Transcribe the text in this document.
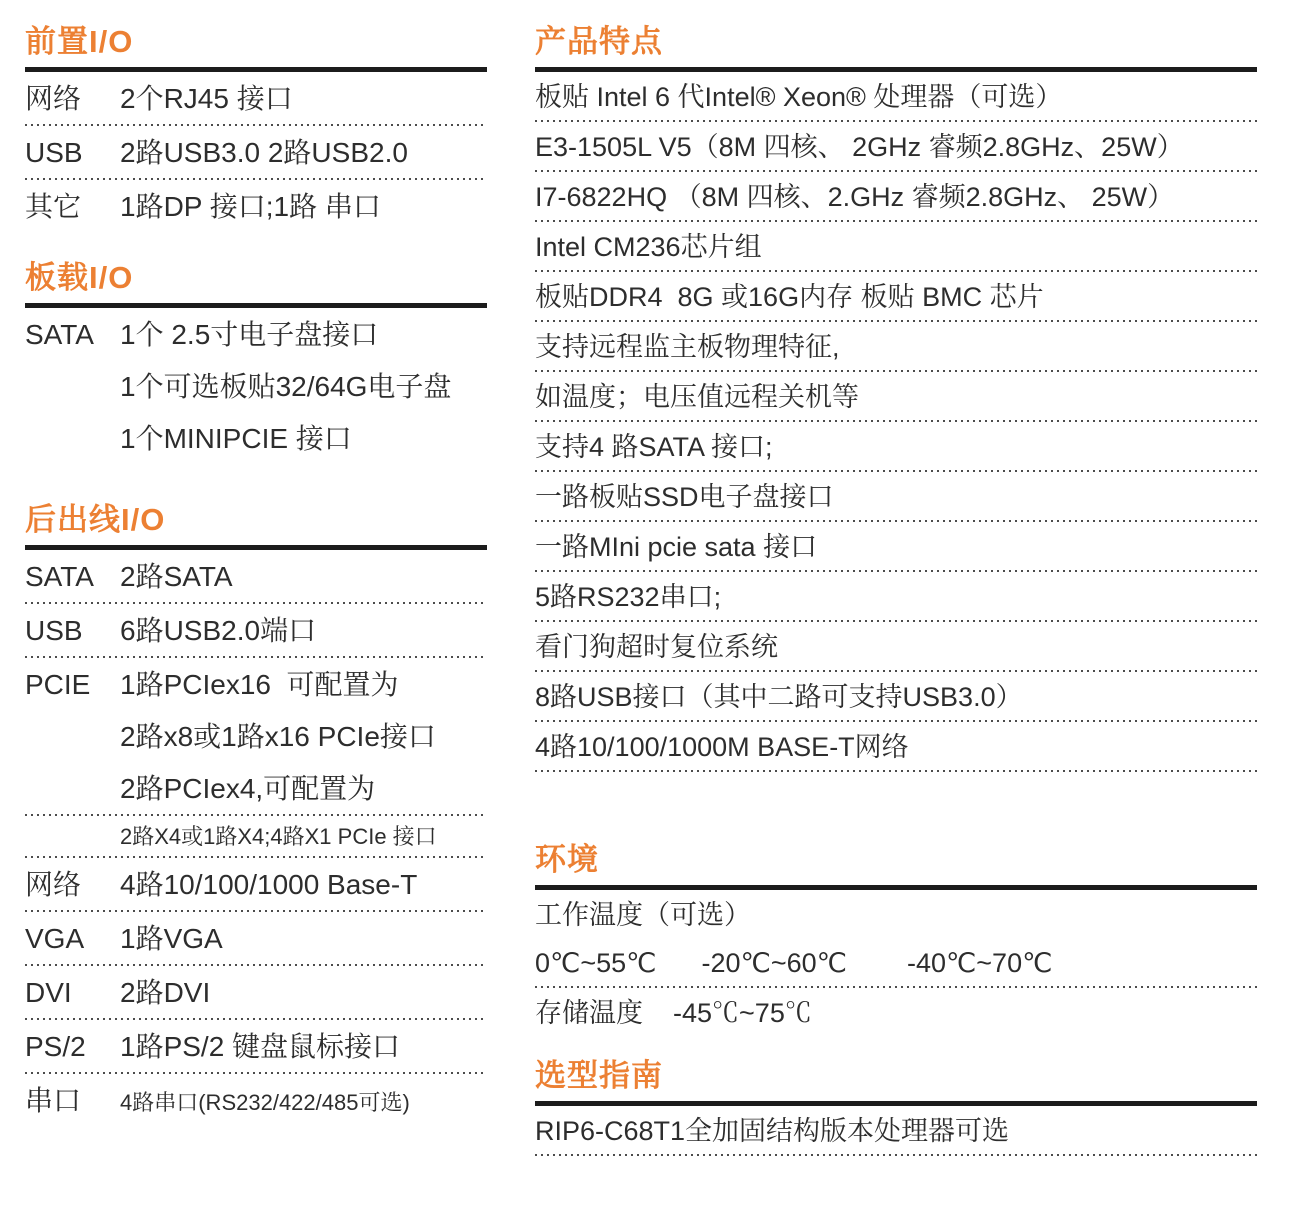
前置I/O
网络	2个RJ45 接口
USB	2路USB3.0 2路USB2.0
其它	1路DP 接口;1路 串口
板载I/O
SATA 1个 2.5寸电子盘接口
1个可选板贴32/64G电子盘
1个MINIPCIE 接口
后出线I/O
SATA 2路SATA
USB	6路USB2.0端口
PCIE	1路PCIex16  可配置为
2路x8或1路x16 PCIe接口
2路PCIex4,可配置为
2路X4或1路X4;4路X1 PCIe 接口
网络	4路10/100/1000 Base-T
VGA	1路VGA
DVI	2路DVI
PS/2	1路PS/2 键盘鼠标接口
串口	4路串口(RS232/422/485可选)
产品特点
板贴 Intel 6 代Intel® Xeon® 处理器（可选）
E3-1505L V5（8M 四核、 2GHz 睿频2.8GHz、25W）
I7-6822HQ （8M 四核、2.GHz 睿频2.8GHz、 25W）
Intel CM236芯片组
板贴DDR4  8G 或16G内存 板贴 BMC 芯片
支持远程监主板物理特征,
如温度；电压值远程关机等
支持4 路SATA 接口;
一路板贴SSD电子盘接口
一路MIni pcie sata 接口
5路RS232串口;
看门狗超时复位系统
8路USB接口（其中二路可支持USB3.0）
4路10/100/1000M BASE-T网络
环境
工作温度（可选）
0℃~55℃      -20℃~60℃        -40℃~70℃
存储温度    -45℃~75℃
选型指南
RIP6-C68T1全加固结构版本处理器可选
